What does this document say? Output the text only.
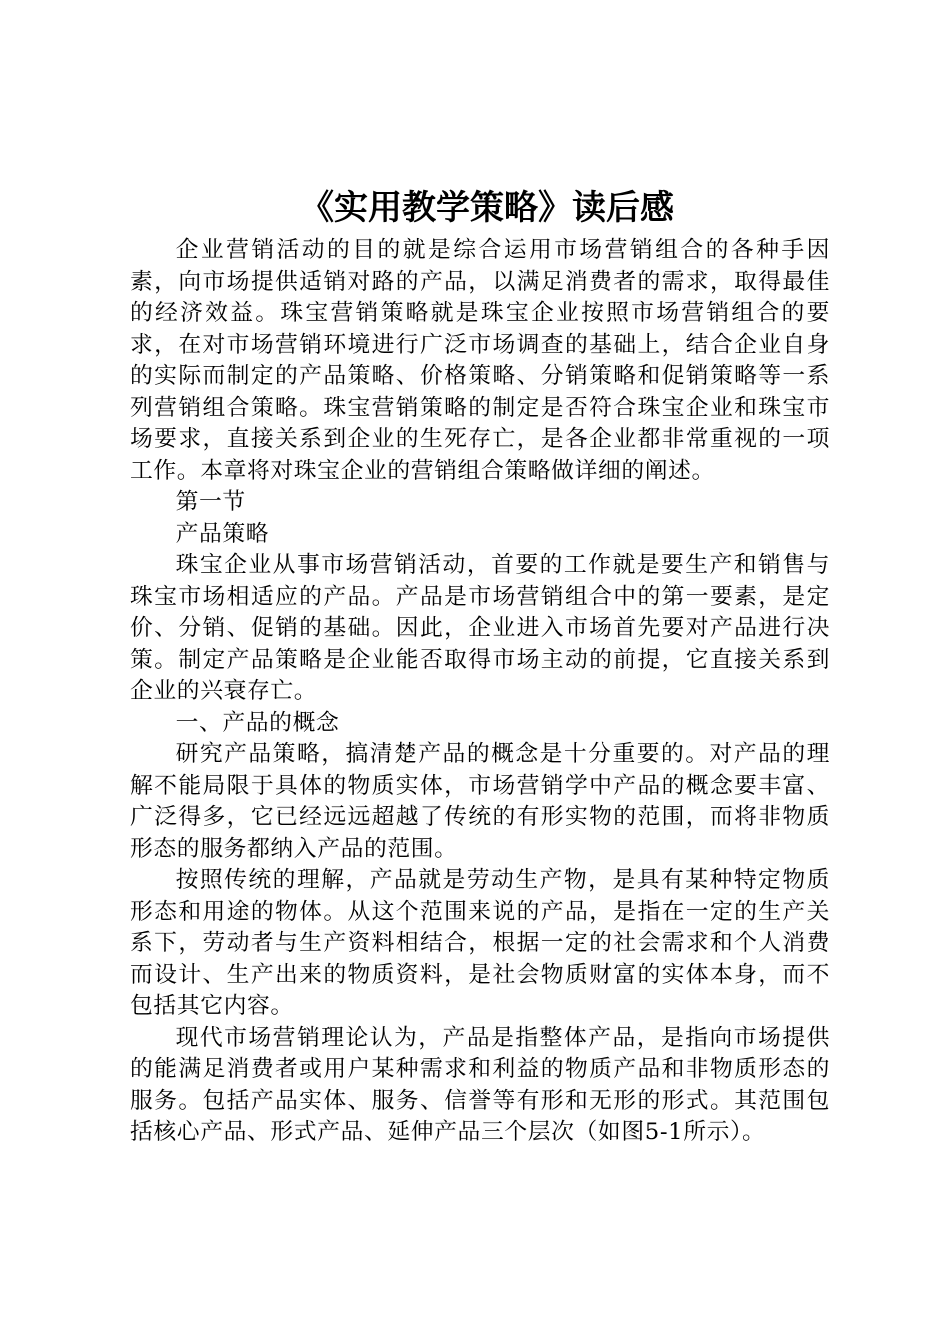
《实用教学策略》读后感

企业营销活动的目的就是综合运用市场营销组合的各种手因素，向市场提供适销对路的产品，以满足消费者的需求，取得最佳的经济效益。珠宝营销策略就是珠宝企业按照市场营销组合的要求，在对市场营销环境进行广泛市场调查的基础上，结合企业自身的实际而制定的产品策略、价格策略、分销策略和促销策略等一系列营销组合策略。珠宝营销策略的制定是否符合珠宝企业和珠宝市场要求，直接关系到企业的生死存亡，是各企业都非常重视的一项工作。本章将对珠宝企业的营销组合策略做详细的阐述。

第一节

产品策略

珠宝企业从事市场营销活动，首要的工作就是要生产和销售与珠宝市场相适应的产品。产品是市场营销组合中的第一要素，是定价、分销、促销的基础。因此，企业进入市场首先要对产品进行决策。制定产品策略是企业能否取得市场主动的前提，它直接关系到企业的兴衰存亡。

一、产品的概念

研究产品策略，搞清楚产品的概念是十分重要的。对产品的理解不能局限于具体的物质实体，市场营销学中产品的概念要丰富、广泛得多，它已经远远超越了传统的有形实物的范围，而将非物质形态的服务都纳入产品的范围。

按照传统的理解，产品就是劳动生产物，是具有某种特定物质形态和用途的物体。从这个范围来说的产品，是指在一定的生产关系下，劳动者与生产资料相结合，根据一定的社会需求和个人消费而设计、生产出来的物质资料，是社会物质财富的实体本身，而不包括其它内容。

现代市场营销理论认为，产品是指整体产品，是指向市场提供的能满足消费者或用户某种需求和利益的物质产品和非物质形态的服务。包括产品实体、服务、信誉等有形和无形的形式。其范围包括核心产品、形式产品、延伸产品三个层次（如图5-1所示）。
